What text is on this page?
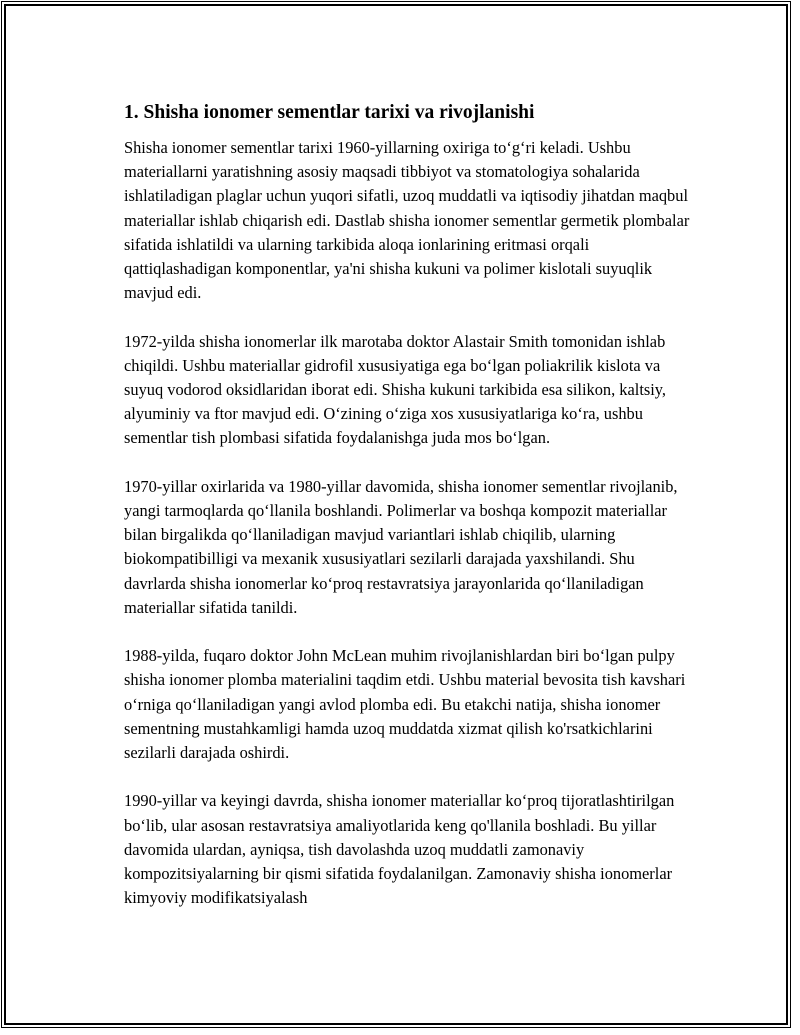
1. Shisha ionomer sementlar tarixi va rivojlanishi

Shisha ionomer sementlar tarixi 1960-yillarning oxiriga to‘g‘ri keladi. Ushbu materiallarni yaratishning asosiy maqsadi tibbiyot va stomatologiya sohalarida ishlatiladigan plaglar uchun yuqori sifatli, uzoq muddatli va iqtisodiy jihatdan maqbul materiallar ishlab chiqarish edi. Dastlab shisha ionomer sementlar germetik plombalar sifatida ishlatildi va ularning tarkibida aloqa ionlarining eritmasi orqali qattiqlashadigan komponentlar, ya'ni shisha kukuni va polimer kislotali suyuqlik mavjud edi.

1972-yilda shisha ionomerlar ilk marotaba doktor Alastair Smith tomonidan ishlab chiqildi. Ushbu materiallar gidrofil xususiyatiga ega bo‘lgan poliakrilik kislota va suyuq vodorod oksidlaridan iborat edi. Shisha kukuni tarkibida esa silikon, kaltsiy, alyuminiy va ftor mavjud edi. O‘zining o‘ziga xos xususiyatlariga ko‘ra, ushbu sementlar tish plombasi sifatida foydalanishga juda mos bo‘lgan.

1970-yillar oxirlarida va 1980-yillar davomida, shisha ionomer sementlar rivojlanib, yangi tarmoqlarda qo‘llanila boshlandi. Polimerlar va boshqa kompozit materiallar bilan birgalikda qo‘llaniladigan mavjud variantlari ishlab chiqilib, ularning biokompatibilligi va mexanik xususiyatlari sezilarli darajada yaxshilandi. Shu davrlarda shisha ionomerlar ko‘proq restavratsiya jarayonlarida qo‘llaniladigan materiallar sifatida tanildi.

1988-yilda, fuqaro doktor John McLean muhim rivojlanishlardan biri bo‘lgan pulpy shisha ionomer plomba materialini taqdim etdi. Ushbu material bevosita tish kavshari o‘rniga qo‘llaniladigan yangi avlod plomba edi. Bu etakchi natija, shisha ionomer sementning mustahkamligi hamda uzoq muddatda xizmat qilish ko'rsatkichlarini sezilarli darajada oshirdi.

1990-yillar va keyingi davrda, shisha ionomer materiallar ko‘proq tijoratlashtirilgan bo‘lib, ular asosan restavratsiya amaliyotlarida keng qo'llanila boshladi. Bu yillar davomida ulardan, ayniqsa, tish davolashda uzoq muddatli zamonaviy kompozitsiyalarning bir qismi sifatida foydalanilgan. Zamonaviy shisha ionomerlar kimyoviy modifikatsiyalash
